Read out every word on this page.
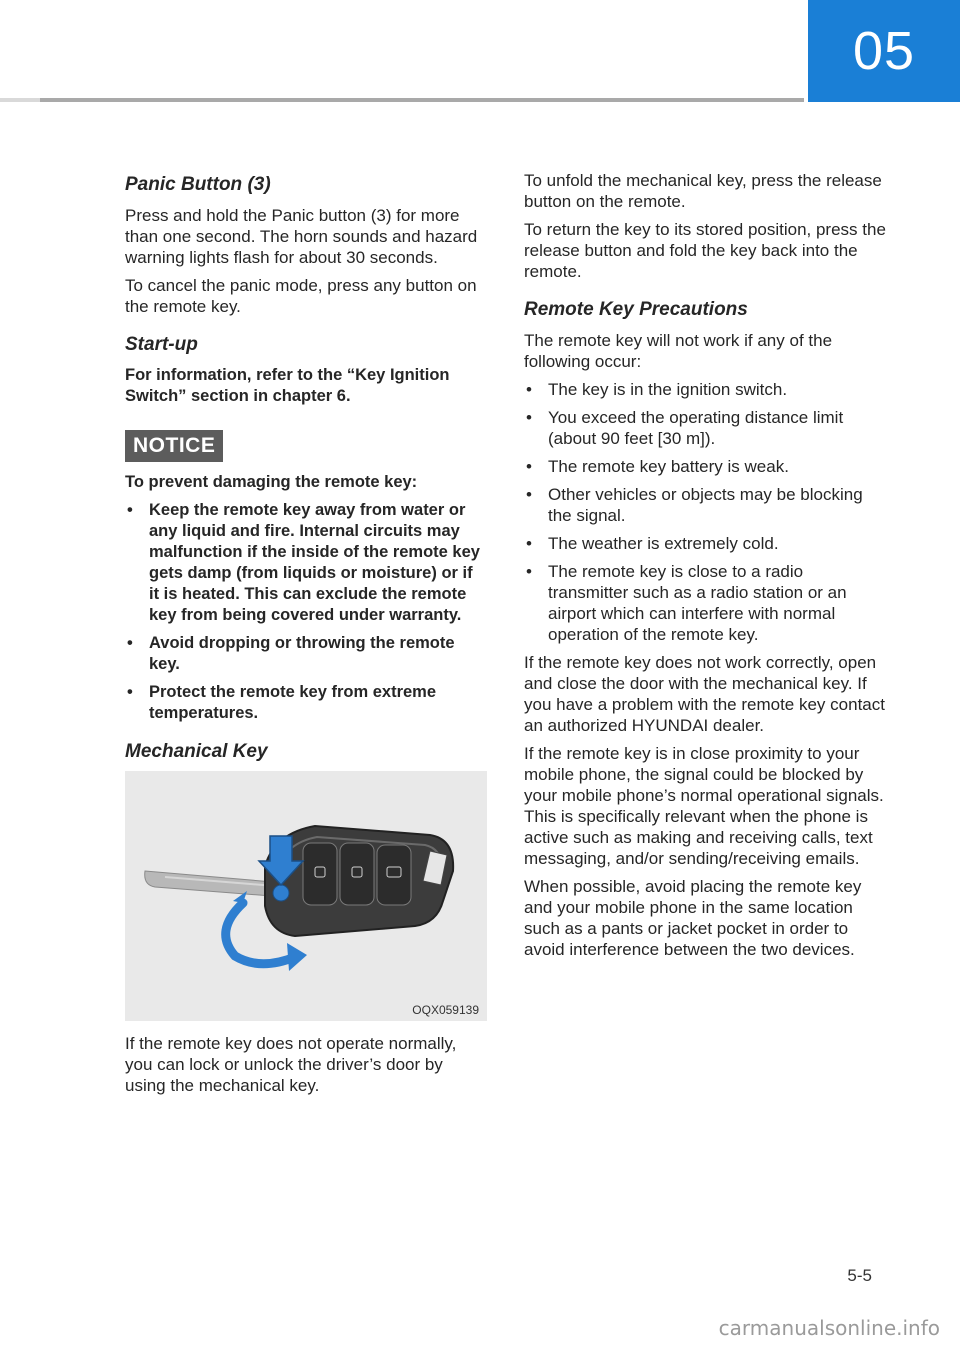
05
Panic Button (3)

Press and hold the Panic button (3) for more than one second. The horn sounds and hazard warning lights flash for about 30 seconds.

To cancel the panic mode, press any button on the remote key.

Start-up

For information, refer to the “Key Ignition Switch” section in chapter 6.

NOTICE

To prevent damaging the remote key:

• Keep the remote key away from water or any liquid and fire. Internal circuits may malfunction if the inside of the remote key gets damp (from liquids or moisture) or if it is heated. This can exclude the remote key from being covered under warranty.
• Avoid dropping or throwing the remote key.
• Protect the remote key from extreme temperatures.
Mechanical Key
OQX059139

If the remote key does not operate normally, you can lock or unlock the driver’s door by using the mechanical key.

To unfold the mechanical key, press the release button on the remote.

To return the key to its stored position, press the release button and fold the key back into the remote.

Remote Key Precautions

The remote key will not work if any of the following occur:

• The key is in the ignition switch.
• You exceed the operating distance limit (about 90 feet [30 m]).
• The remote key battery is weak.
• Other vehicles or objects may be blocking the signal.
• The weather is extremely cold.
• The remote key is close to a radio transmitter such as a radio station or an airport which can interfere with normal operation of the remote key.

If the remote key does not work correctly, open and close the door with the mechanical key. If you have a problem with the remote key contact an authorized HYUNDAI dealer.

If the remote key is in close proximity to your mobile phone, the signal could be blocked by your mobile phone’s normal operational signals. This is specifically relevant when the phone is active such as making and receiving calls, text messaging, and/or sending/receiving emails.

When possible, avoid placing the remote key and your mobile phone in the same location such as a pants or jacket pocket in order to avoid interference between the two devices.

5-5
carmanualsonline.info
